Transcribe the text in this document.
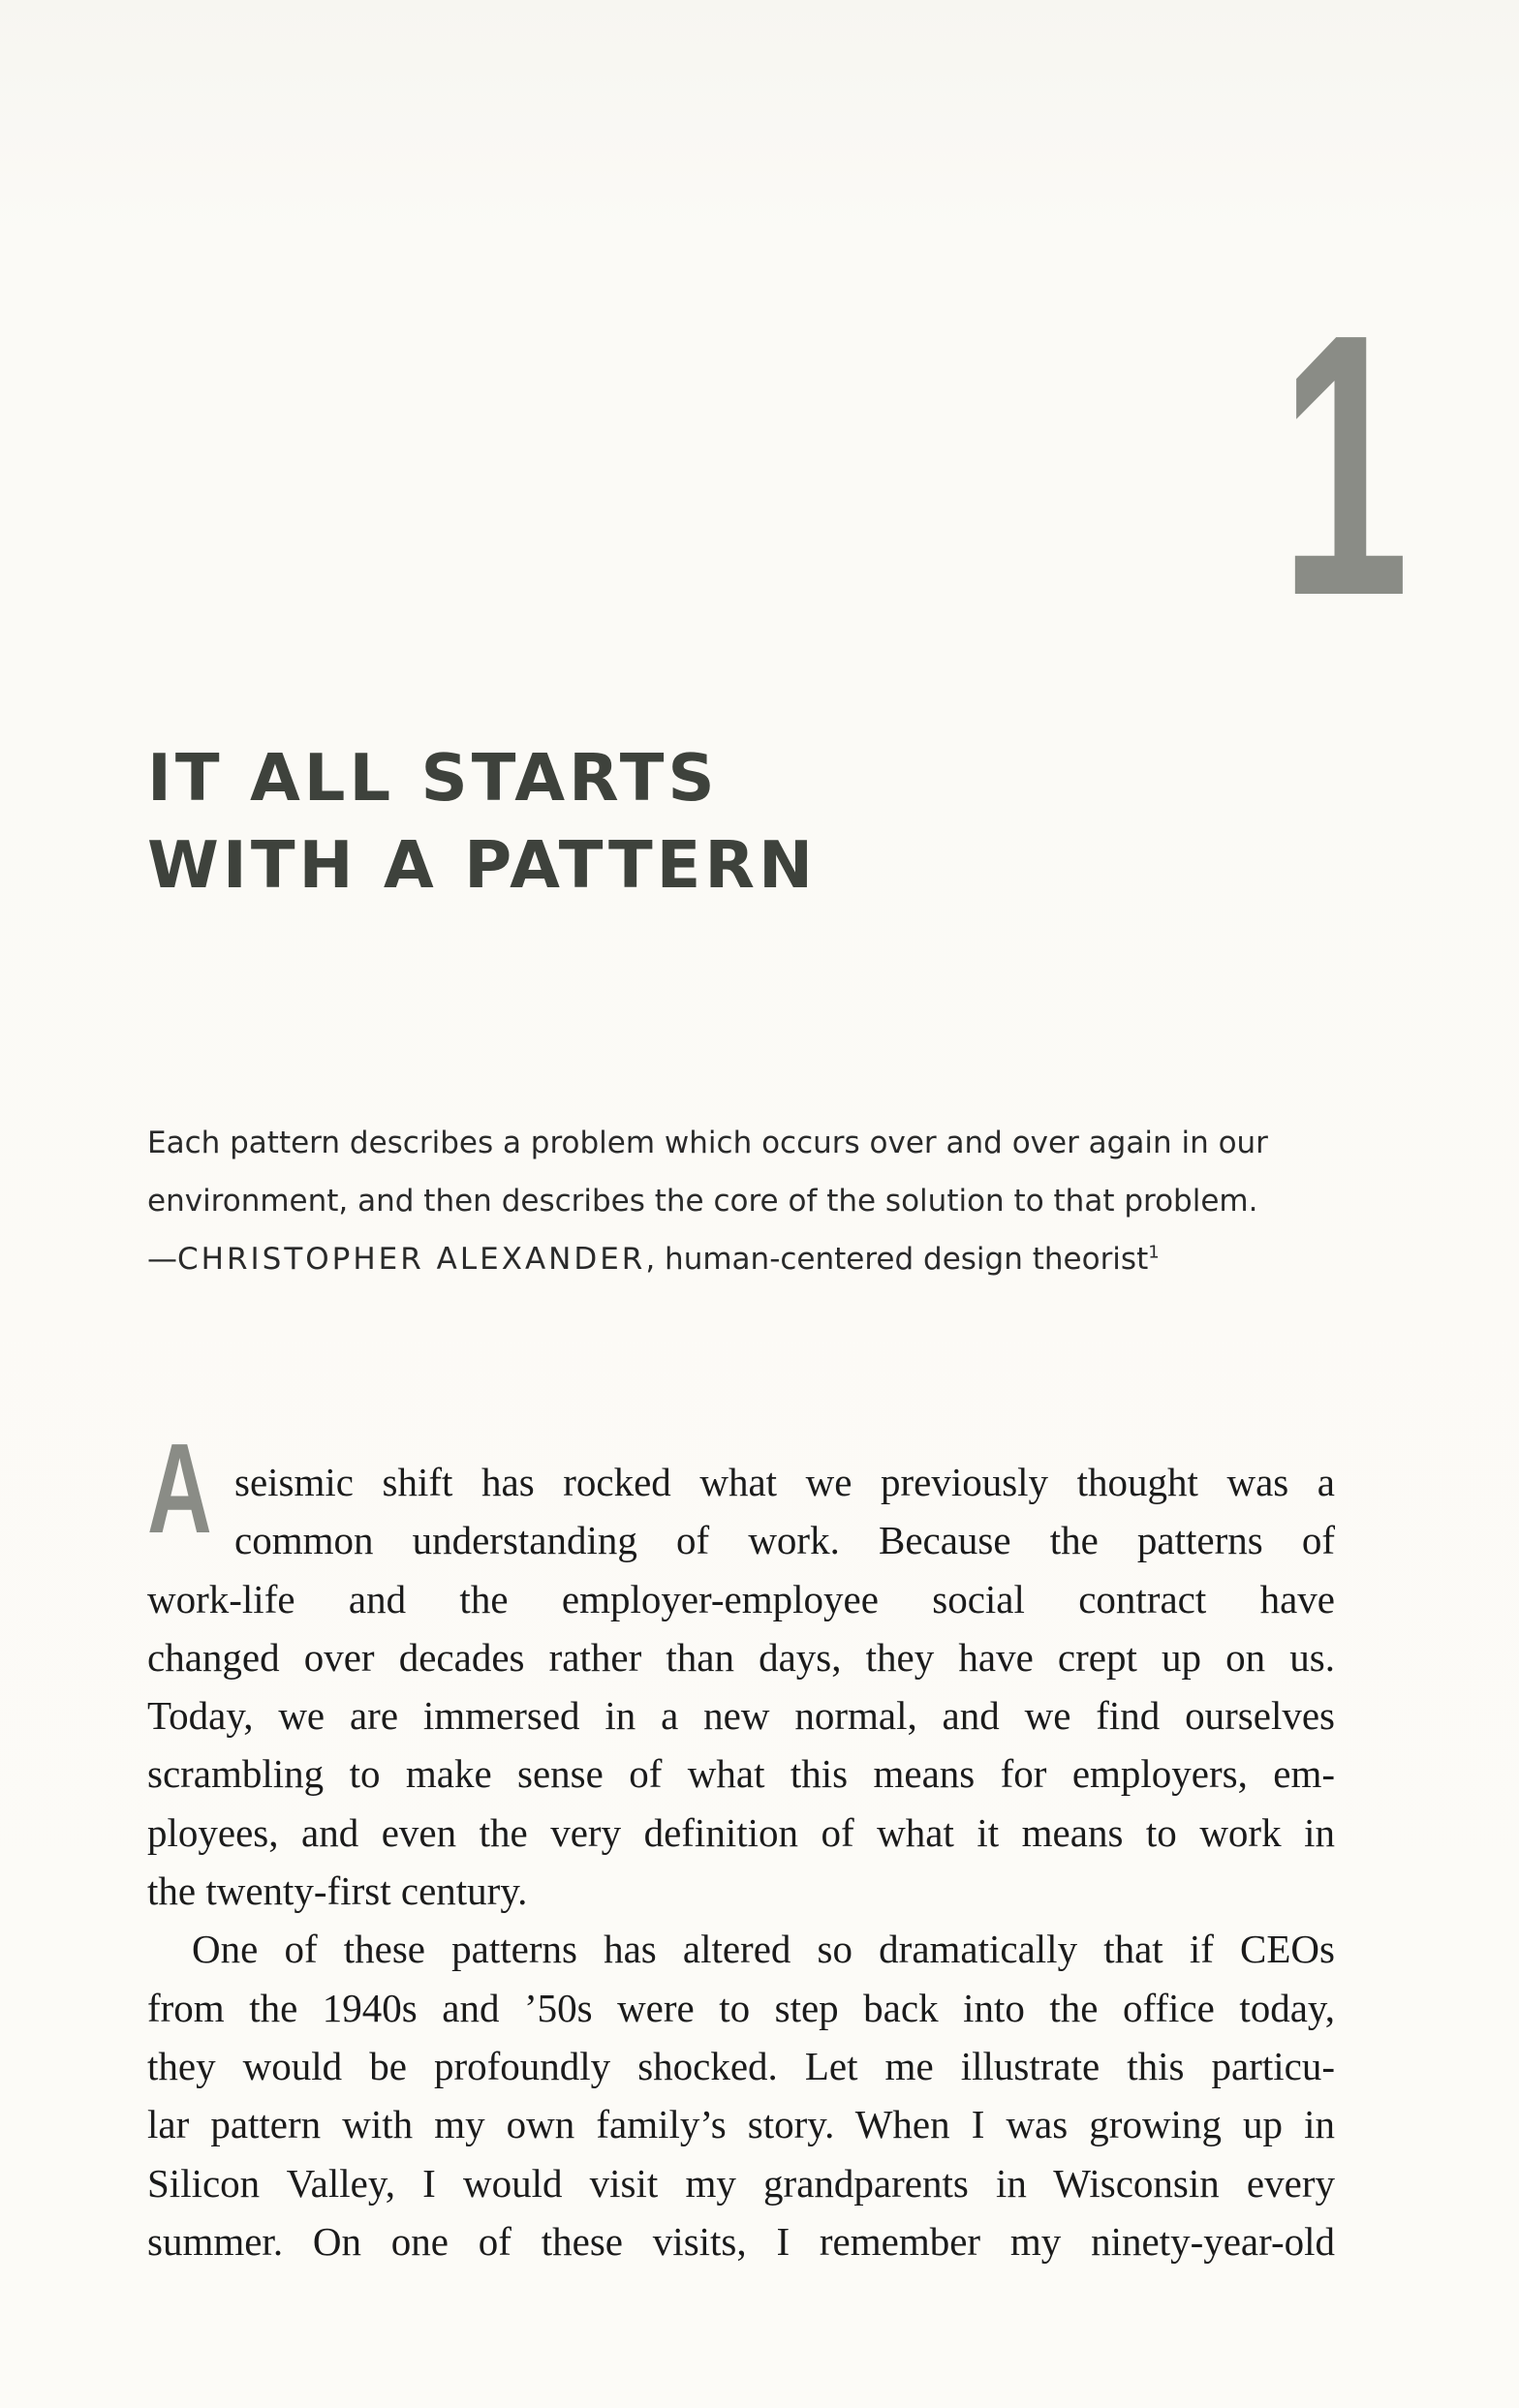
1
IT ALL STARTS
WITH A PATTERN

Each pattern describes a problem which occurs over and over again in our
environment, and then describes the core of the solution to that problem.
—CHRISTOPHER ALEXANDER, human-centered design theorist$^1$

A seismic shift has rocked what we previously thought was a
common understanding of work. Because the patterns of
work-life and the employer-employee social contract have
changed over decades rather than days, they have crept up on us.
Today, we are immersed in a new normal, and we find ourselves
scrambling to make sense of what this means for employers, em-
ployees, and even the very definition of what it means to work in
the twenty-first century.
One of these patterns has altered so dramatically that if CEOs
from the 1940s and ’50s were to step back into the office today,
they would be profoundly shocked. Let me illustrate this particu-
lar pattern with my own family’s story. When I was growing up in
Silicon Valley, I would visit my grandparents in Wisconsin every
summer. On one of these visits, I remember my ninety-year-old
